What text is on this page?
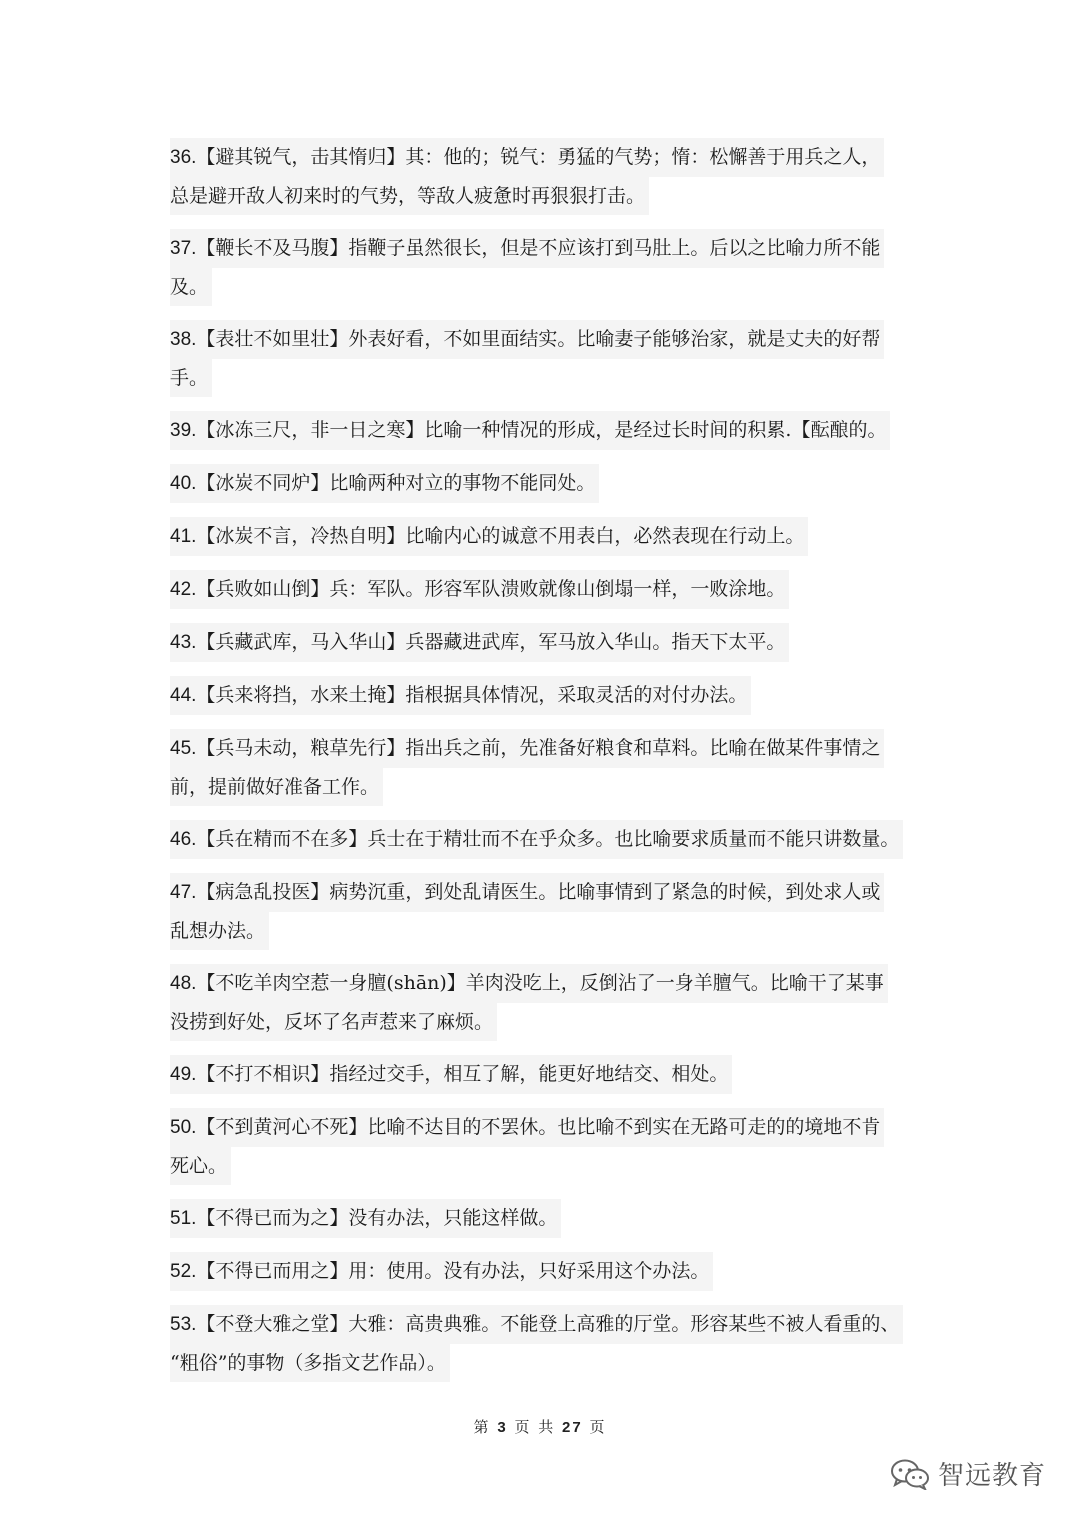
36.【避其锐气，击其惰归】其：他的；锐气：勇猛的气势；惰：松懈善于用兵之人，
总是避开敌人初来时的气势，等敌人疲惫时再狠狠打击。
37.【鞭长不及马腹】指鞭子虽然很长，但是不应该打到马肚上。后以之比喻力所不能
及。
38.【表壮不如里壮】外表好看，不如里面结实。比喻妻子能够治家，就是丈夫的好帮
手。
39.【冰冻三尺，非一日之寒】比喻一种情况的形成，是经过长时间的积累.【酝酿的。
40.【冰炭不同炉】比喻两种对立的事物不能同处。
41.【冰炭不言，冷热自明】比喻内心的诚意不用表白，必然表现在行动上。
42.【兵败如山倒】兵：军队。形容军队溃败就像山倒塌一样，一败涂地。
43.【兵藏武库，马入华山】兵器藏进武库，军马放入华山。指天下太平。
44.【兵来将挡，水来土掩】指根据具体情况，采取灵活的对付办法。
45.【兵马未动，粮草先行】指出兵之前，先准备好粮食和草料。比喻在做某件事情之
前，提前做好准备工作。
46.【兵在精而不在多】兵士在于精壮而不在乎众多。也比喻要求质量而不能只讲数量。
47.【病急乱投医】病势沉重，到处乱请医生。比喻事情到了紧急的时候，到处求人或
乱想办法。
48.【不吃羊肉空惹一身膻(shān)】羊肉没吃上，反倒沾了一身羊膻气。比喻干了某事
没捞到好处，反坏了名声惹来了麻烦。
49.【不打不相识】指经过交手，相互了解，能更好地结交、相处。
50.【不到黄河心不死】比喻不达目的不罢休。也比喻不到实在无路可走的的境地不肯
死心。
51.【不得已而为之】没有办法，只能这样做。
52.【不得已而用之】用：使用。没有办法，只好采用这个办法。
53.【不登大雅之堂】大雅：高贵典雅。不能登上高雅的厅堂。形容某些不被人看重的、
“粗俗”的事物（多指文艺作品）。
第 3 页 共 27 页
智远教育
